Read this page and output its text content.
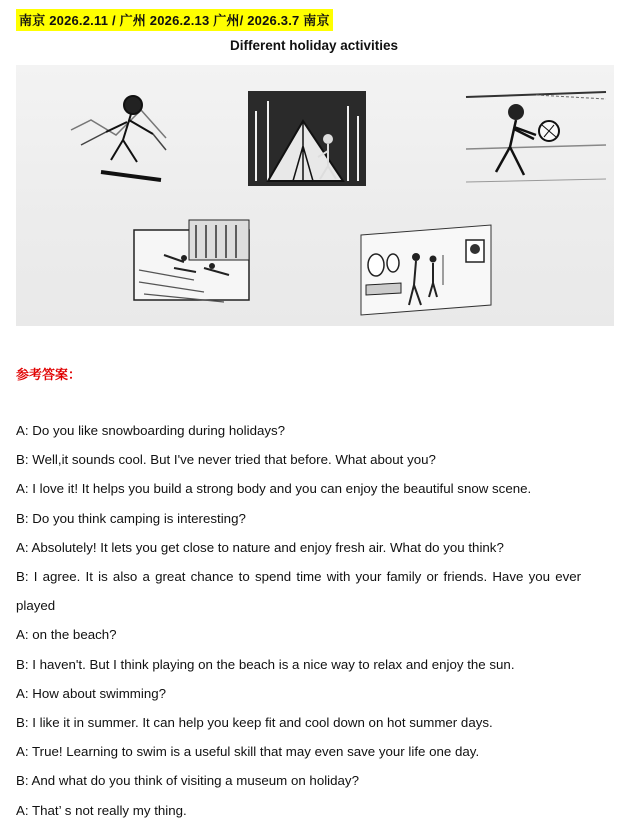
南京 2026.2.11 / 广州 2026.2.13 广州/ 2026.3.7 南京
Different holiday activities
参考答案：
A: Do you like snowboarding during holidays?
B: Well,it sounds cool. But I've never tried that before. What about you?
A: I love it! It helps you build a strong body and you can enjoy the beautiful snow scene.
B: Do you think camping is interesting?
A: Absolutely! It lets you get close to nature and enjoy fresh air. What do you think?
B: I agree. It is also a great chance to spend time with your family or friends. Have you ever played
A: on the beach?
B: I haven't. But I think playing on the beach is a nice way to relax and enjoy the sun.
A: How about swimming?
B: I like it in summer. It can help you keep fit and cool down on hot summer days.
A: True! Learning to swim is a useful skill that may even save your life one day.
B: And what do you think of visiting a museum on holiday?
A: That’ s not really my thing.
